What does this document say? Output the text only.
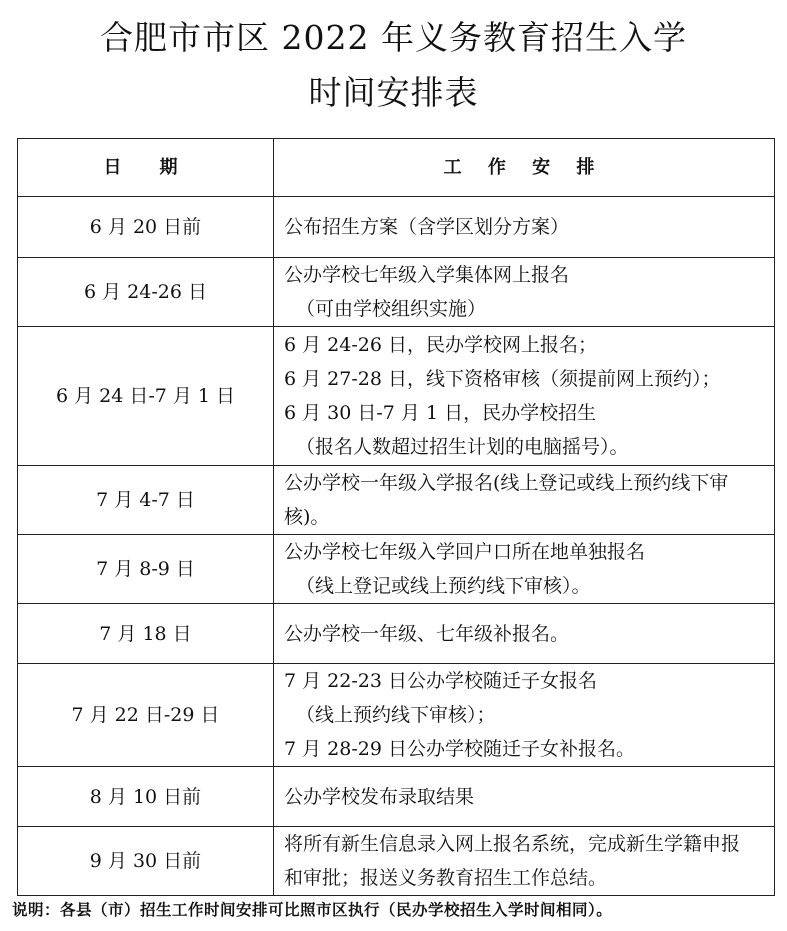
合肥市市区 2022 年义务教育招生入学
时间安排表
日　期	工 作 安 排
6 月 20 日前	公布招生方案（含学区划分方案）

6 月 24-26 日	公办学校七年级入学集体网上报名
（可由学校组织实施）

6 月 24 日-7 月 1 日	6 月 24-26 日，民办学校网上报名；
6 月 27-28 日，线下资格审核（须提前网上预约）；
6 月 30 日-7 月 1 日，民办学校招生
（报名人数超过招生计划的电脑摇号）。

7 月 4-7 日	公办学校一年级入学报名(线上登记或线上预约线下审
核)。

7 月 8-9 日	公办学校七年级入学回户口所在地单独报名
（线上登记或线上预约线下审核）。

7 月 18 日	公办学校一年级、七年级补报名。

7 月 22 日-29 日	7 月 22-23 日公办学校随迁子女报名
（线上预约线下审核）；
7 月 28-29 日公办学校随迁子女补报名。

8 月 10 日前	公办学校发布录取结果

9 月 30 日前	将所有新生信息录入网上报名系统，完成新生学籍申报
和审批；报送义务教育招生工作总结。
说明：各县（市）招生工作时间安排可比照市区执行（民办学校招生入学时间相同）。
